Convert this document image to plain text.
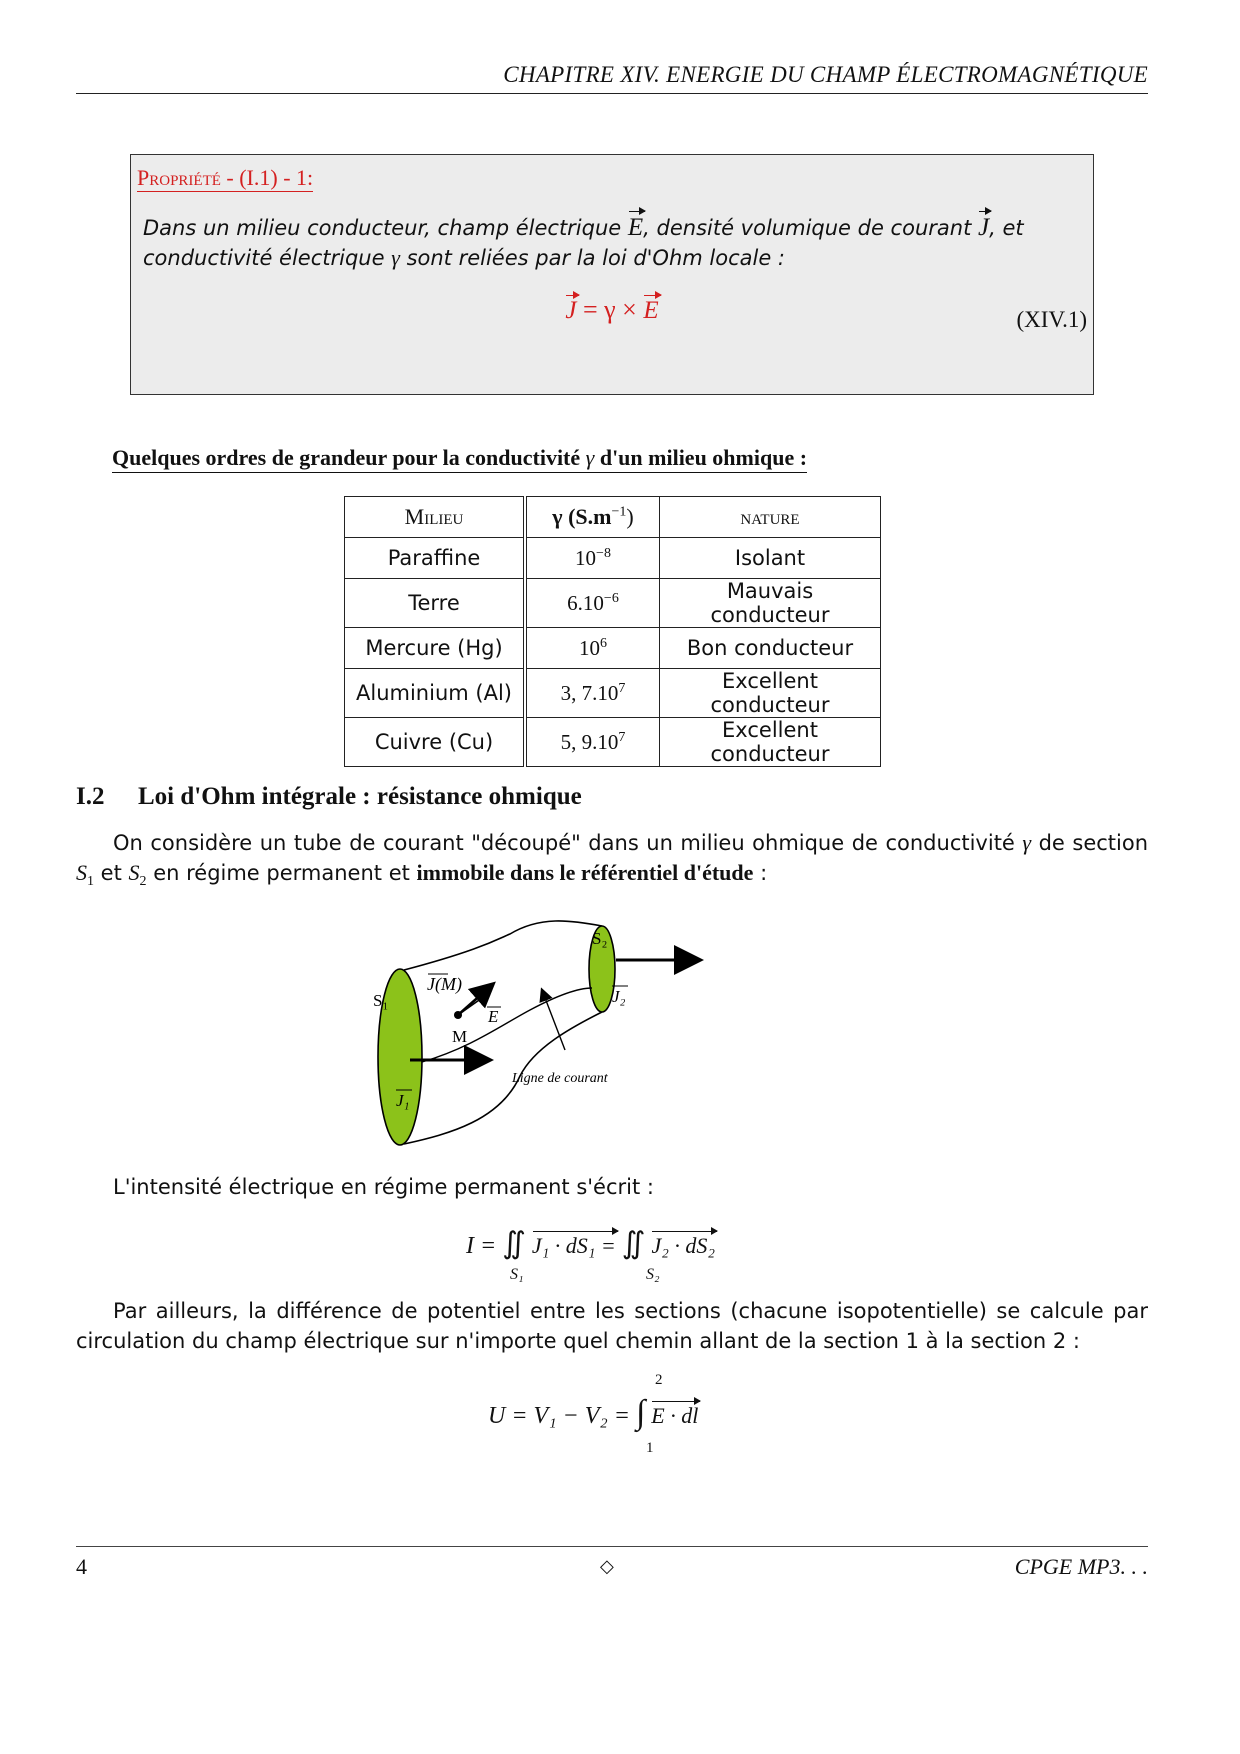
CHAPITRE XIV. ENERGIE DU CHAMP ÉLECTROMAGNÉTIQUE
Propriété - (I.1) - 1:
Dans un milieu conducteur, champ électrique E, densité volumique de courant J, et conductivité électrique γ sont reliées par la loi d'Ohm locale :
J = γ × E	(XIV.1)
Quelques ordres de grandeur pour la conductivité γ d'un milieu ohmique :
Milieu	γ $(S.m^{-1})$	nature
Paraffine	$10^{-8}$	Isolant
Terre	$6.10^{-6}$	Mauvais conducteur
Mercure (Hg)	$10^6$	Bon conducteur
Aluminium (Al)	3, 7.10$^7$	Excellent conducteur
Cuivre (Cu)	5, 9.10$^7$	Excellent conducteur
I.2 Loi d'Ohm intégrale : résistance ohmique
On considère un tube de courant "découpé" dans un milieu ohmique de conductivité γ de section $S_1$ et $S_2$ en régime permanent et immobile dans le référentiel d'étude :
S₁
S₂
J(M)
E
M
J₁
J₂
Ligne de courant
L'intensité électrique en régime permanent s'écrit :
I = ∬ J₁ · dS₁ = ∬ J₂ · dS₂
S₁	S₂
Par ailleurs, la différence de potentiel entre les sections (chacune isopotentielle) se calcule par circulation du champ électrique sur n'importe quel chemin allant de la section 1 à la section 2 :
U = V₁ − V₂ = ∫ E · dl
2
1
4	◇	CPGE MP3. . .
